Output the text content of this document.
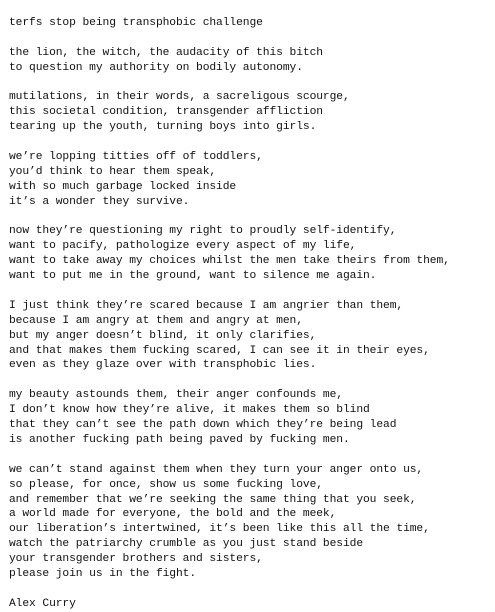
terfs stop being transphobic challenge
the lion, the witch, the audacity of this bitch
to question my authority on bodily autonomy.
mutilations, in their words, a sacreligous scourge,
this societal condition, transgender affliction
tearing up the youth, turning boys into girls.
we’re lopping titties off of toddlers,
you’d think to hear them speak,
with so much garbage locked inside
it’s a wonder they survive.
now they’re questioning my right to proudly self-identify,
want to pacify, pathologize every aspect of my life,
want to take away my choices whilst the men take theirs from them,
want to put me in the ground, want to silence me again.
I just think they’re scared because I am angrier than them,
because I am angry at them and angry at men,
but my anger doesn’t blind, it only clarifies,
and that makes them fucking scared, I can see it in their eyes,
even as they glaze over with transphobic lies.
my beauty astounds them, their anger confounds me,
I don’t know how they’re alive, it makes them so blind
that they can’t see the path down which they’re being lead
is another fucking path being paved by fucking men.
we can’t stand against them when they turn your anger onto us,
so please, for once, show us some fucking love,
and remember that we’re seeking the same thing that you seek,
a world made for everyone, the bold and the meek,
our liberation’s intertwined, it’s been like this all the time,
watch the patriarchy crumble as you just stand beside
your transgender brothers and sisters,
please join us in the fight.
Alex Curry
